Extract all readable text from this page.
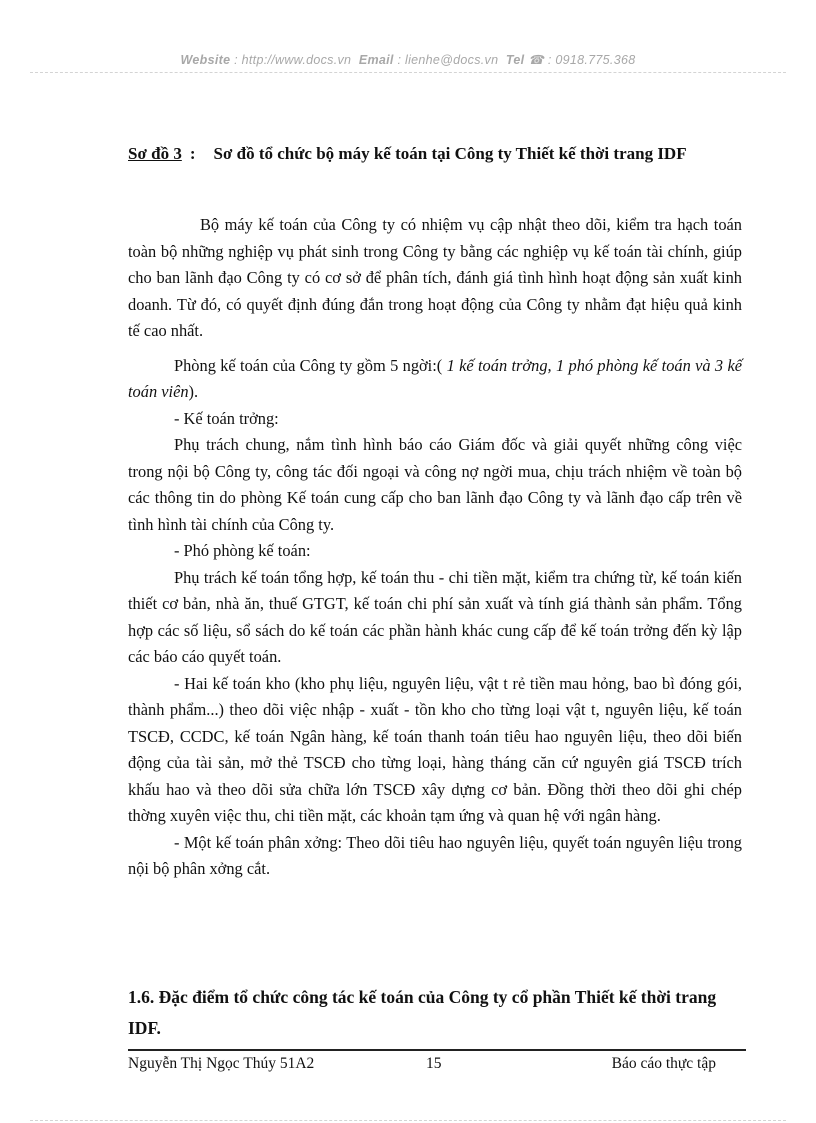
Website : http://www.docs.vn Email : lienhe@docs.vn Tel ☎ : 0918.775.368
Sơ đồ 3 : Sơ đồ tổ chức bộ máy kế toán tại Công ty Thiết kế thời trang IDF

Bộ máy kế toán của Công ty có nhiệm vụ cập nhật theo dõi, kiểm tra hạch toán toàn bộ những nghiệp vụ phát sinh trong Công ty bằng các nghiệp vụ kế toán tài chính, giúp cho ban lãnh đạo Công ty có cơ sở để phân tích, đánh giá tình hình hoạt động sản xuất kinh doanh. Từ đó, có quyết định đúng đắn trong hoạt động của Công ty nhằm đạt hiệu quả kinh tế cao nhất.

Phòng kế toán của Công ty gồm 5 ngời:( 1 kế toán trởng, 1 phó phòng kế toán và 3 kế toán viên).

- Kế toán trởng:

Phụ trách chung, nắm tình hình báo cáo Giám đốc và giải quyết những công việc trong nội bộ Công ty, công tác đối ngoại và công nợ ngời mua, chịu trách nhiệm về toàn bộ các thông tin do phòng Kế toán cung cấp cho ban lãnh đạo Công ty và lãnh đạo cấp trên về tình hình tài chính của Công ty.

- Phó phòng kế toán:

Phụ trách kế toán tổng hợp, kế toán thu - chi tiền mặt, kiểm tra chứng từ, kế toán kiến thiết cơ bản, nhà ăn, thuế GTGT, kế toán chi phí sản xuất và tính giá thành sản phẩm. Tổng hợp các số liệu, sổ sách do kế toán các phần hành khác cung cấp để kế toán trởng đến kỳ lập các báo cáo quyết toán.

- Hai kế toán kho (kho phụ liệu, nguyên liệu, vật t rẻ tiền mau hỏng, bao bì đóng gói, thành phẩm...) theo dõi việc nhập - xuất - tồn kho cho từng loại vật t, nguyên liệu, kế toán TSCĐ, CCDC, kế toán Ngân hàng, kế toán thanh toán tiêu hao nguyên liệu, theo dõi biến động của tài sản, mở thẻ TSCĐ cho từng loại, hàng tháng căn cứ nguyên giá TSCĐ trích khấu hao và theo dõi sửa chữa lớn TSCĐ xây dựng cơ bản. Đồng thời theo dõi ghi chép thờng xuyên việc thu, chi tiền mặt, các khoản tạm ứng và quan hệ với ngân hàng.

- Một kế toán phân xởng: Theo dõi tiêu hao nguyên liệu, quyết toán nguyên liệu trong nội bộ phân xởng cắt.

1.6. Đặc điểm tổ chức công tác kế toán của Công ty cổ phần Thiết kế thời trang IDF.
Nguyễn Thị Ngọc Thúy 51A2	15	Báo cáo thực tập
